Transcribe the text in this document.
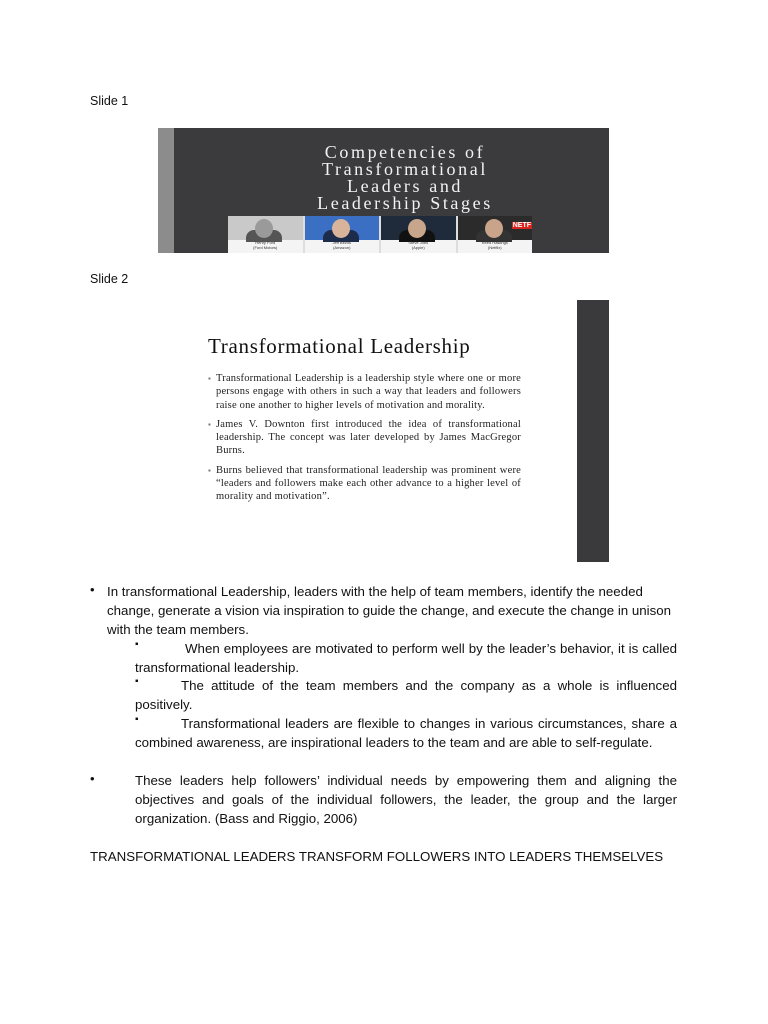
Slide 1
Competencies of
Transformational
Leaders and
Leadership Stages
Henry Ford
(Ford Motors)
Jeff Bezos
(Amazon)
Steve Jobs
(Apple)
NETF
Reed Hastings
(Netflix)
Slide 2
Transformational Leadership
▪ Transformational Leadership is a leadership style where one or more persons engage with others in such a way that leaders and followers raise one another to higher levels of motivation and morality.
▪ James V. Downton first introduced the idea of transformational leadership. The concept was later developed by James MacGregor Burns.
▪ Burns believed that transformational leadership was prominent were “leaders and followers make each other advance to a higher level of morality and motivation”.
• In transformational Leadership, leaders with the help of team members, identify the needed change, generate a vision via inspiration to guide the change, and execute the change in unison with the team members.
▪	When employees are motivated to perform well by the leader’s behavior, it is called transformational leadership.
▪	The attitude of the team members and the company as a whole is influenced positively.
▪	Transformational leaders are flexible to changes in various circumstances, share a combined awareness, are inspirational leaders to the team and are able to self-regulate.
•	These leaders help followers’ individual needs by empowering them and aligning the objectives and goals of the individual followers, the leader, the group and the larger organization. (Bass and Riggio, 2006)
TRANSFORMATIONAL LEADERS TRANSFORM FOLLOWERS INTO LEADERS THEMSELVES
